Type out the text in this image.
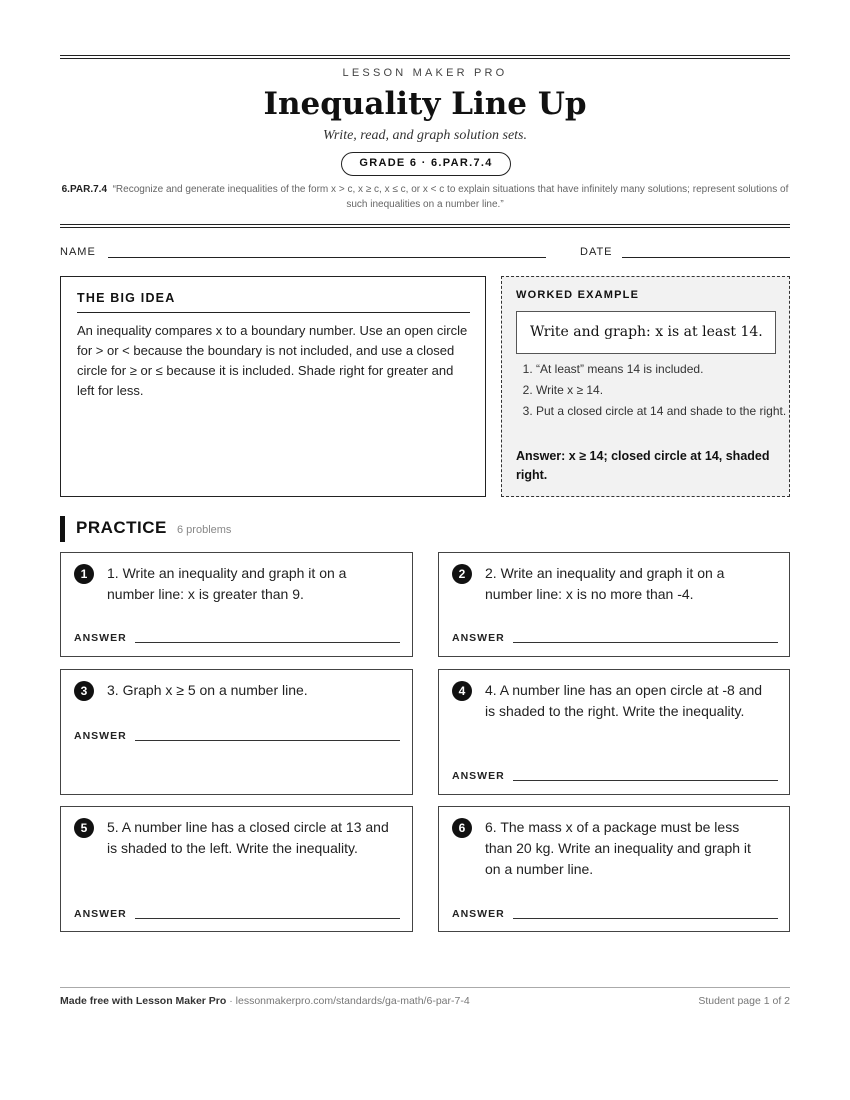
LESSON MAKER PRO
Inequality Line Up
Write, read, and graph solution sets.
GRADE 6 · 6.PAR.7.4
6.PAR.7.4 “Recognize and generate inequalities of the form x > c, x ≥ c, x ≤ c, or x < c to explain situations that have infinitely many solutions; represent solutions of such inequalities on a number line.”
NAME	DATE
THE BIG IDEA
An inequality compares x to a boundary number. Use an open circle for > or < because the boundary is not included, and use a closed circle for ≥ or ≤ because it is included. Shade right for greater and left for less.
WORKED EXAMPLE
Write and graph: x is at least 14.
1. “At least” means 14 is included.
2. Write x ≥ 14.
3. Put a closed circle at 14 and shade to the right.
Answer: x ≥ 14; closed circle at 14, shaded right.
PRACTICE 6 problems
1	1. Write an inequality and graph it on a number line: x is greater than 9.
ANSWER
2	2. Write an inequality and graph it on a number line: x is no more than -4.
ANSWER
3	3. Graph x ≥ 5 on a number line.
ANSWER
4	4. A number line has an open circle at -8 and is shaded to the right. Write the inequality.
ANSWER
5	5. A number line has a closed circle at 13 and is shaded to the left. Write the inequality.
ANSWER
6	6. The mass x of a package must be less than 20 kg. Write an inequality and graph it on a number line.
ANSWER
Made free with Lesson Maker Pro · lessonmakerpro.com/standards/ga-math/6-par-7-4	Student page 1 of 2
